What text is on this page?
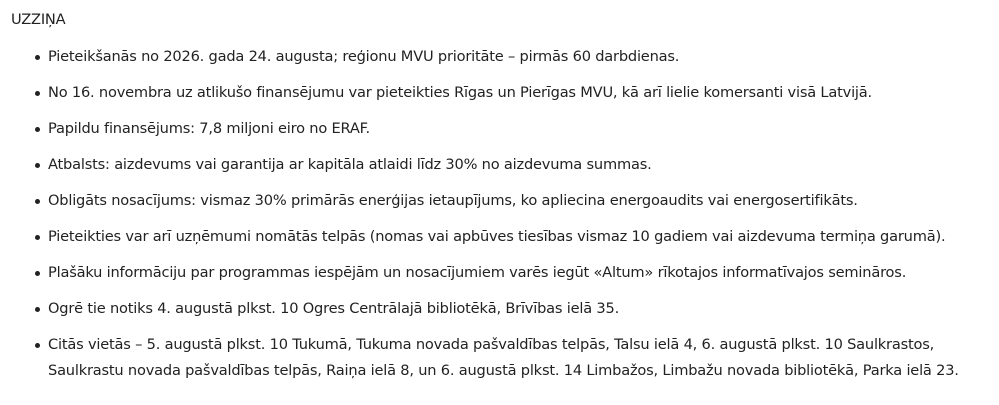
UZZIŅA
Pieteikšanās no 2026. gada 24. augusta; reģionu MVU prioritāte – pirmās 60 darbdienas.
No 16. novembra uz atlikušo finansējumu var pieteikties Rīgas un Pierīgas MVU, kā arī lielie komersanti visā Latvijā.
Papildu finansējums: 7,8 miljoni eiro no ERAF.
Atbalsts: aizdevums vai garantija ar kapitāla atlaidi līdz 30% no aizdevuma summas.
Obligāts nosacījums: vismaz 30% primārās enerģijas ietaupījums, ko apliecina energoaudits vai energosertifikāts.
Pieteikties var arī uzņēmumi nomātās telpās (nomas vai apbūves tiesības vismaz 10 gadiem vai aizdevuma termiņa garumā).
Plašāku informāciju par programmas iespējām un nosacījumiem varēs iegūt «Altum» rīkotajos informatīvajos semināros.
Ogrē tie notiks 4. augustā plkst. 10 Ogres Centrālajā bibliotēkā, Brīvības ielā 35.
Citās vietās – 5. augustā plkst. 10 Tukumā, Tukuma novada pašvaldības telpās, Talsu ielā 4, 6. augustā plkst. 10 Saulkrastos, Saulkrastu novada pašvaldības telpās, Raiņa ielā 8, un 6. augustā plkst. 14 Limbažos, Limbažu novada bibliotēkā, Parka ielā 23.
